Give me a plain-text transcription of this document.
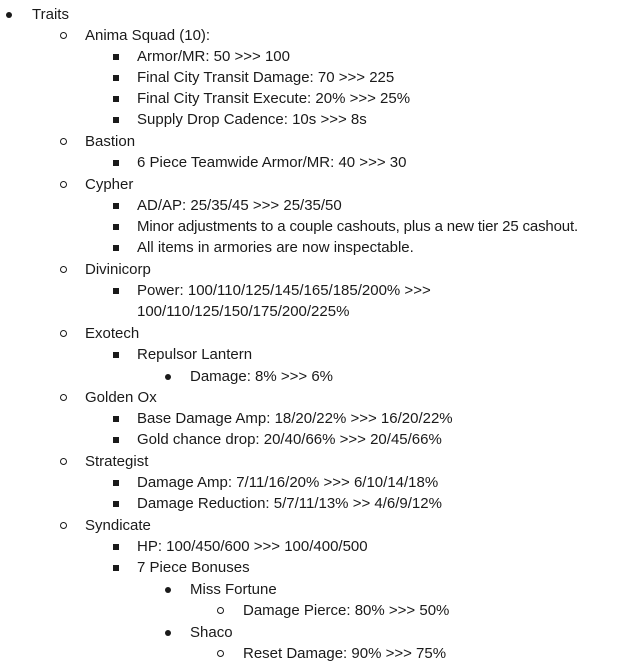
Traits
Anima Squad (10):
Armor/MR: 50 >>> 100
Final City Transit Damage: 70 >>> 225
Final City Transit Execute: 20% >>> 25%
Supply Drop Cadence: 10s >>> 8s
Bastion
6 Piece Teamwide Armor/MR: 40 >>> 30
Cypher
AD/AP: 25/35/45 >>> 25/35/50
Minor adjustments to a couple cashouts, plus a new tier 25 cashout.
All items in armories are now inspectable.
Divinicorp
Power: 100/110/125/145/165/185/200% >>>
100/110/125/150/175/200/225%
Exotech
Repulsor Lantern
Damage: 8% >>> 6%
Golden Ox
Base Damage Amp: 18/20/22% >>> 16/20/22%
Gold chance drop: 20/40/66% >>> 20/45/66%
Strategist
Damage Amp: 7/11/16/20% >>> 6/10/14/18%
Damage Reduction: 5/7/11/13% >> 4/6/9/12%
Syndicate
HP: 100/450/600 >>> 100/400/500
7 Piece Bonuses
Miss Fortune
Damage Pierce: 80% >>> 50%
Shaco
Reset Damage: 90% >>> 75%
